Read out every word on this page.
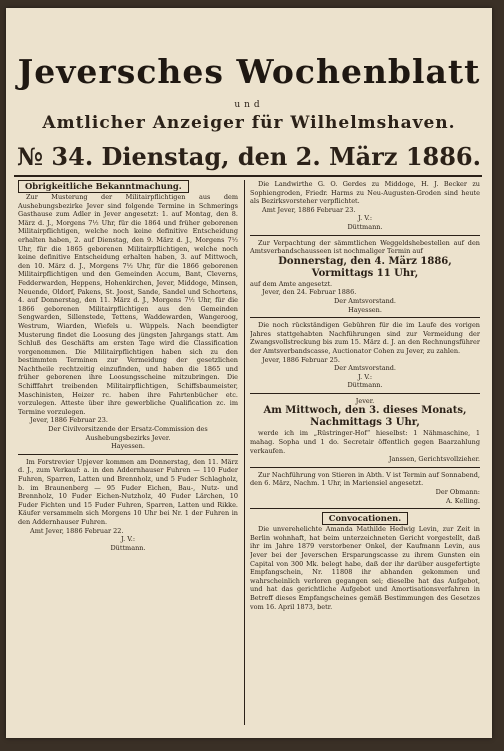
Jeversches Wochenblatt
und
Amtlicher Anzeiger für Wilhelmshaven.
№ 34. Dienstag, den 2. März 1886.
Obrigkeitliche Bekanntmachung.

Zur Musterung der Militairpflichtigen aus dem Aushebungsbezirke Jever sind folgende Termine in Schmerings Gasthause zum Adler in Jever angesetzt: 1. auf Montag, den 8. März d. J., Morgens 7½ Uhr, für die 1864 und früher geborenen Militairpflichtigen, welche noch keine definitive Entscheidung erhalten haben, 2. auf Dienstag, den 9. März d. J., Morgens 7½ Uhr, für die 1865 geborenen Militairpflichtigen, welche noch keine definitive Entscheidung erhalten haben, 3. auf Mittwoch, den 10. März d. J., Morgens 7½ Uhr, für die 1866 geborenen Militairpflichtigen und den Gemeinden Accum, Bant, Cleverns, Fedderwarden, Heppens, Hohenkirchen, Jever, Middoge, Minsen, Neuende, Oldorf, Pakens, St. Joost, Sande, Sandel und Schortens, 4. auf Donnerstag, den 11. März d. J., Morgens 7½ Uhr, für die 1866 geborenen Militairpflichtigen aus den Gemeinden Sengwarden, Sillenstede, Tettens, Waddewarden, Wangeroog, Westrum, Wiarden, Wiefels u. Wüppels. Nach beendigter Musterung findet die Loosung des jüngsten Jahrgangs statt. Am Schluß des Geschäfts am ersten Tage wird die Classification vorgenommen. Die Militairpflichtigen haben sich zu den bestimmten Terminen zur Vermeidung der gesetzlichen Nachtheile rechtzeitig einzufinden, und haben die 1865 und früher geborenen ihre Loosungsscheine mitzubringen. Die Schifffahrt treibenden Militairpflichtigen, Schiffsbaumeister, Maschinisten, Heizer rc. haben ihre Fahrtenbücher etc. vorzulegen. Atteste über ihre gewerbliche Qualification zc. im Termine vorzulegen.

Jever, 1886 Februar 23.
Der Civilvorsitzende der Ersatz-Commission des Aushebungsbezirks Jever.
Hayessen.

Im Forstrevier Upjever kommen am Donnerstag, den 11. März d. J., zum Verkauf: a. in den Addernhauser Fuhren — 110 Fuder Fuhren, Sparren, Latten und Brennholz, und 5 Fuder Schlagholz, b. im Braunenberg — 95 Fuder Eichen, Bau-, Nutz- und Brennholz, 10 Fuder Eichen-Nutzholz, 40 Fuder Lärchen, 10 Fuder Fichten und 15 Fuder Fuhren, Sparren, Latten und Rikke. Käufer versammeln sich Morgens 10 Uhr bei Nr. 1 der Fuhren in den Addernhauser Fuhren.

Amt Jever, 1886 Februar 22.
J. V.:
Düttmann.

Die Landwirthe G. O. Gerdes zu Middoge, H. J. Becker zu Sophiengroden, Friedr. Harms zu Neu-Augusten-Groden sind heute als Bezirksvorsteher verpflichtet.

Amt Jever, 1886 Februar 23.
J. V.:
Düttmann.

Zur Verpachtung der sämmtlichen Weggeldshebestellen auf den Amtsverbandschausseen ist nochmaliger Termin auf

Donnerstag, den 4. März 1886,
Vormittags 11 Uhr,
auf dem Amte angesetzt.
Jever, den 24. Februar 1886.
Der Amtsvorstand.
Hayessen.

Die noch rückständigen Gebühren für die im Laufe des vorigen Jahres stattgehabten Nachführungen sind zur Vermeidung der Zwangsvollstreckung bis zum 15. März d. J. an den Rechnungsführer der Amtsverbandscasse, Auctionator Cohen zu Jever, zu zahlen.

Jever, 1886 Februar 25.
Der Amtsvorstand.
J. V.:
Düttmann.
Jever.
Am Mittwoch, den 3. dieses Monats,
Nachmittags 3 Uhr,

werde ich im „Rüstringer-Hof“ hieselbst: 1 Nähmaschine, 1 mahag. Sopha und 1 do. Secretair öffentlich gegen Baarzahlung verkaufen.

Janssen, Gerichtsvollzieher.

Zur Nachführung von Stieren in Abth. V ist Termin auf Sonnabend, den 6. März, Nachm. 1 Uhr, in Mariensiel angesetzt.

Der Obmann:
A. Kelling.
Convocationen.

Die unverehelichte Amanda Mathilde Hedwig Levin, zur Zeit in Berlin wohnhaft, hat beim unterzeichneten Gericht vorgestellt, daß ihr im Jahre 1879 verstorbener Onkel, der Kaufmann Levin, aus Jever bei der Jeverschen Ersparungscasse zu ihrem Gunsten ein Capital von 300 Mk. belegt habe, daß der ihr darüber ausgefertigte Empfangschein, Nr. 11808 ihr abhanden gekommen und wahrscheinlich verloren gegangen sei; dieselbe hat das Aufgebot, und hat das gerichtliche Aufgebot und Amortisationsverfahren in Betreff dieses Empfangscheines gemäß Bestimmungen des Gesetzes vom 16. April 1873, betr.
